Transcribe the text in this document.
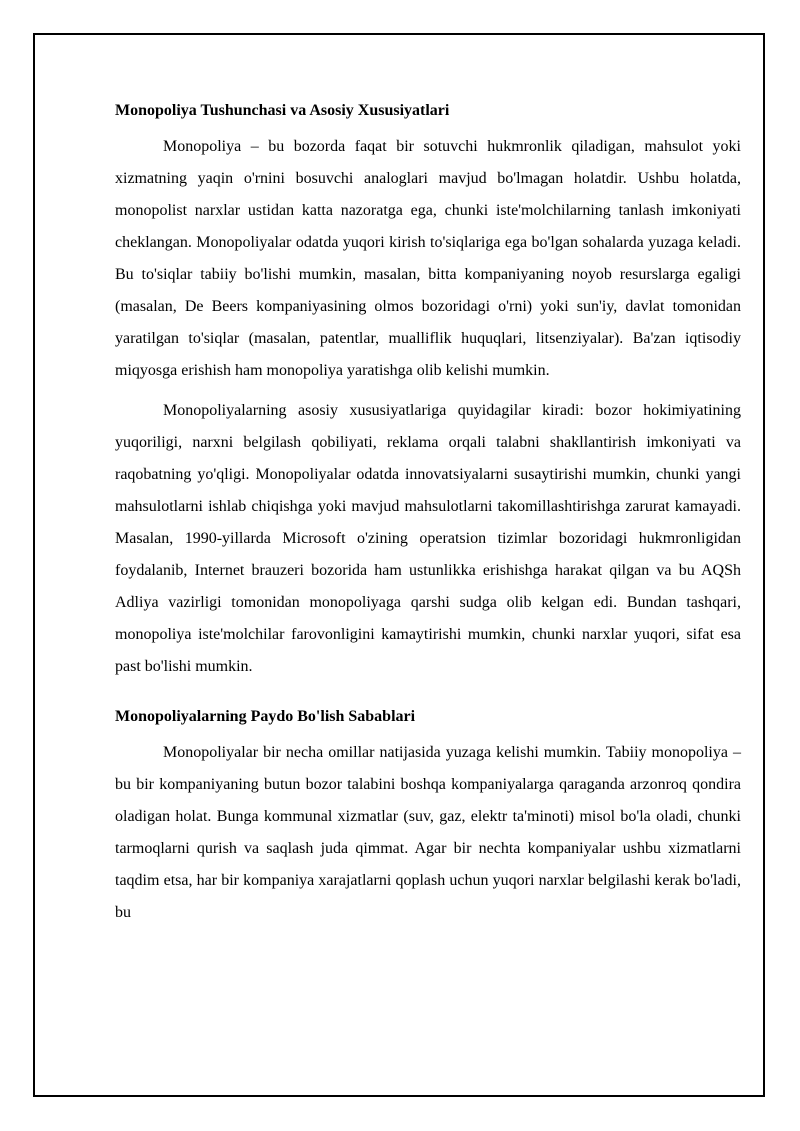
Monopoliya Tushunchasi va Asosiy Xususiyatlari

Monopoliya – bu bozorda faqat bir sotuvchi hukmronlik qiladigan, mahsulot yoki xizmatning yaqin o'rnini bosuvchi analoglari mavjud bo'lmagan holatdir. Ushbu holatda, monopolist narxlar ustidan katta nazoratga ega, chunki iste'molchilarning tanlash imkoniyati cheklangan. Monopoliyalar odatda yuqori kirish to'siqlariga ega bo'lgan sohalarda yuzaga keladi. Bu to'siqlar tabiiy bo'lishi mumkin, masalan, bitta kompaniyaning noyob resurslarga egaligi (masalan, De Beers kompaniyasining olmos bozoridagi o'rni) yoki sun'iy, davlat tomonidan yaratilgan to'siqlar (masalan, patentlar, mualliflik huquqlari, litsenziyalar). Ba'zan iqtisodiy miqyosga erishish ham monopoliya yaratishga olib kelishi mumkin.

Monopoliyalarning asosiy xususiyatlariga quyidagilar kiradi: bozor hokimiyatining yuqoriligi, narxni belgilash qobiliyati, reklama orqali talabni shakllantirish imkoniyati va raqobatning yo'qligi. Monopoliyalar odatda innovatsiyalarni susaytirishi mumkin, chunki yangi mahsulotlarni ishlab chiqishga yoki mavjud mahsulotlarni takomillashtirishga zarurat kamayadi. Masalan, 1990-yillarda Microsoft o'zining operatsion tizimlar bozoridagi hukmronligidan foydalanib, Internet brauzeri bozorida ham ustunlikka erishishga harakat qilgan va bu AQSh Adliya vazirligi tomonidan monopoliyaga qarshi sudga olib kelgan edi. Bundan tashqari, monopoliya iste'molchilar farovonligini kamaytirishi mumkin, chunki narxlar yuqori, sifat esa past bo'lishi mumkin.

Monopoliyalarning Paydo Bo'lish Sabablari

Monopoliyalar bir necha omillar natijasida yuzaga kelishi mumkin. Tabiiy monopoliya – bu bir kompaniyaning butun bozor talabini boshqa kompaniyalarga qaraganda arzonroq qondira oladigan holat. Bunga kommunal xizmatlar (suv, gaz, elektr ta'minoti) misol bo'la oladi, chunki tarmoqlarni qurish va saqlash juda qimmat. Agar bir nechta kompaniyalar ushbu xizmatlarni taqdim etsa, har bir kompaniya xarajatlarni qoplash uchun yuqori narxlar belgilashi kerak bo'ladi, bu
